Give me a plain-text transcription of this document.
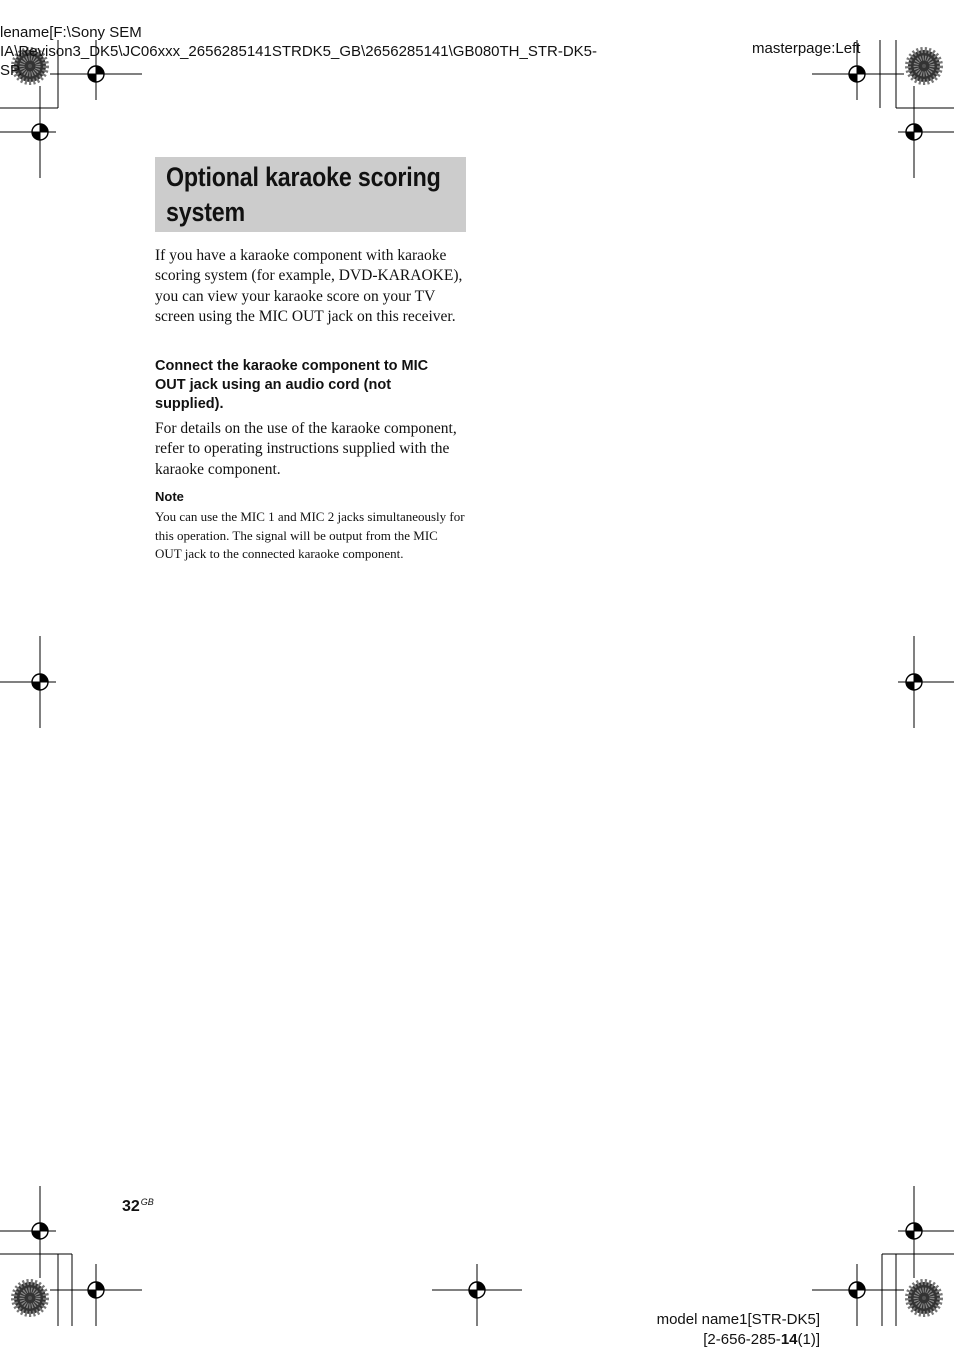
lename[F:\Sony SEM
IA\Revison3_DK5\JC06xxx_2656285141STRDK5_GB\2656285141\GB080TH_STR-DK5-
SP.
masterpage:Left
Optional karaoke scoring system
If you have a karaoke component with karaoke scoring system (for example, DVD-KARAOKE), you can view your karaoke score on your TV screen using the MIC OUT jack on this receiver.
Connect the karaoke component to MIC OUT jack using an audio cord (not supplied).
For details on the use of the karaoke component, refer to operating instructions supplied with the karaoke component.
Note
You can use the MIC 1 and MIC 2 jacks simultaneously for this operation. The signal will be output from the MIC OUT jack to the connected karaoke component.
$32^{GB}$
model name1[STR-DK5]
[2-656-285-14(1)]
